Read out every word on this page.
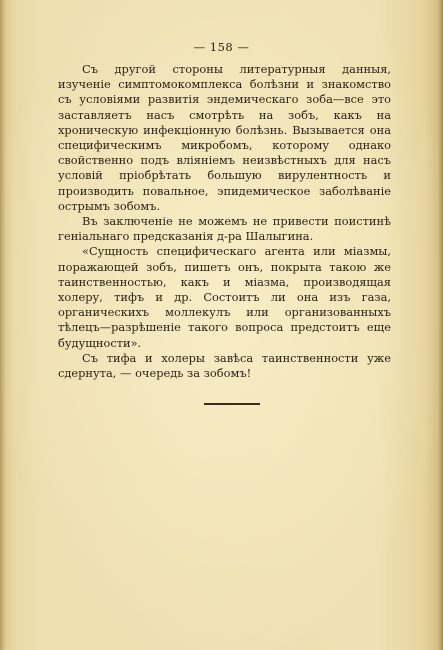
— 158 —

Съ другой стороны литературныя данныя, изученіе симптомокомплекса болѣзни и знакомство съ условіями развитія эндемическаго зоба—все это заставляетъ насъ смотрѣть на зобъ, какъ на хроническую инфекціонную болѣзнь. Вызывается она специфическимъ микробомъ, которому однако свойственно подъ вліяніемъ неизвѣстныхъ для насъ условій пріобрѣтать большую вирулентность и производить повальное, эпидемическое заболѣваніе острымъ зобомъ.

Въ заключеніе не можемъ не привести поистинѣ геніальнаго предсказанія д-ра Шалыгина.

«Сущность специфическаго агента или міазмы, поражающей зобъ, пишетъ онъ, покрыта такою же таинственностью, какъ и міазма, производящая холеру, тифъ и др. Состоитъ ли она изъ газа, органическихъ моллекулъ или организованныхъ тѣлецъ—разрѣшеніе такого вопроса предстоитъ еще будущности».

Съ тифа и холеры завѣса таинственности уже сдернута, — очередь за зобомъ!
